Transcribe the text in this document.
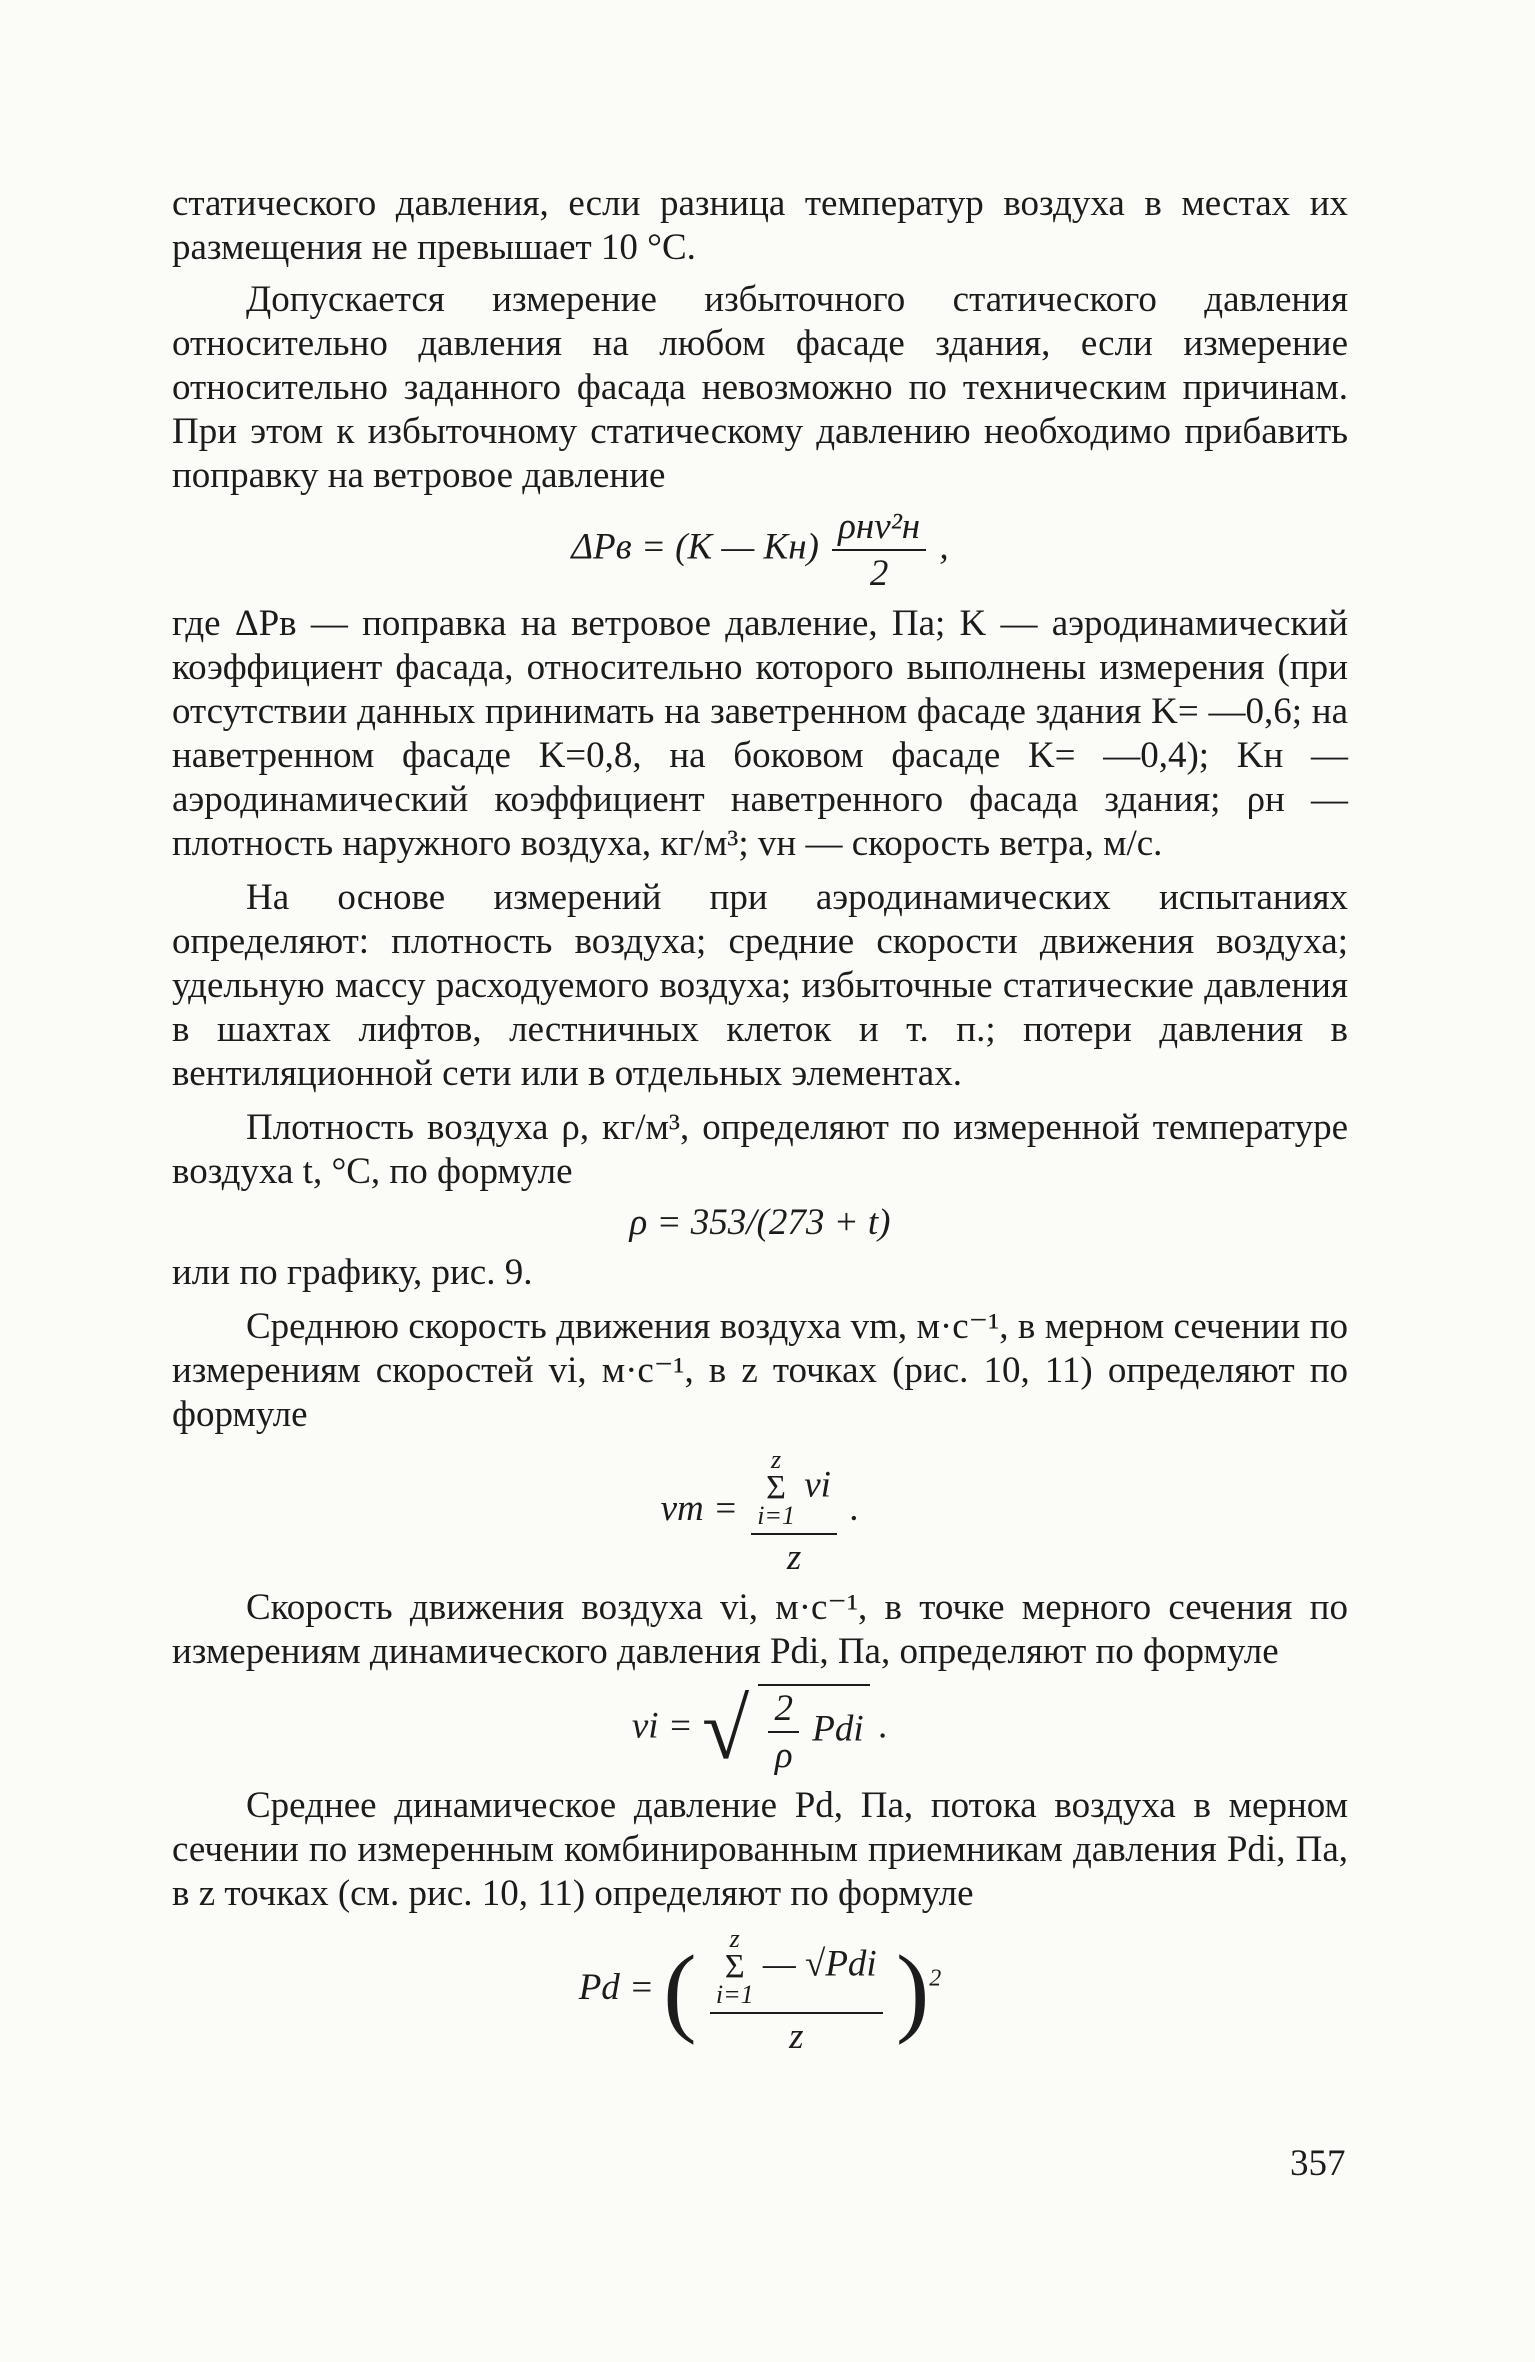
статического давления, если разница температур воздуха в местах их размещения не превышает 10 °С.

Допускается измерение избыточного статического давления относительно давления на любом фасаде здания, если измерение относительно заданного фасада невозможно по техническим причинам. При этом к избыточному статическому давлению необходимо прибавить поправку на ветровое давление

ΔPв = (K — $Kн) \frac{\text{ρнv²н}}{2}$ ,

где ΔPв — поправка на ветровое давление, Па; K — аэродинамический коэффициент фасада, относительно которого выполнены измерения (при отсутствии данных принимать на заветренном фасаде здания K= —0,6; на наветренном фасаде K=0,8, на боковом фасаде K= —0,4); Kн — аэродинамический коэффициент наветренного фасада здания; ρн — плотность наружного воздуха, кг/м³; vн — скорость ветра, м/с.

На основе измерений при аэродинамических испытаниях определяют: плотность воздуха; средние скорости движения воздуха; удельную массу расходуемого воздуха; избыточные статические давления в шахтах лифтов, лестничных клеток и т. п.; потери давления в вентиляционной сети или в отдельных элементах.

Плотность воздуха ρ, кг/м³, определяют по измеренной температуре воздуха t, °С, по формуле

ρ = 353/(273 + t)

или по графику, рис. 9.

Среднюю скорость движения воздуха vm, м·с⁻¹, в мерном сечении по измерениям скоростей vi, м·с⁻¹, в z точках (рис. 10, 11) определяют по формуле

vm = z
Σ
i=1 vi
z .

Скорость движения воздуха vi, м·с⁻¹, в точке мерного сечения по измерениям динамического давления Pdi, Па, определяют по формуле

vi = √ $\frac{2}{\rho}$ Pdi .

Среднее динамическое давление Pd, Па, потока воздуха в мерном сечении по измеренным комбинированным приемникам давления Pdi, Па, в z точках (см. рис. 10, 11) определяют по формуле

Pd = ( z
Σ
i=1 — √Pdi
z )$^2$
357
